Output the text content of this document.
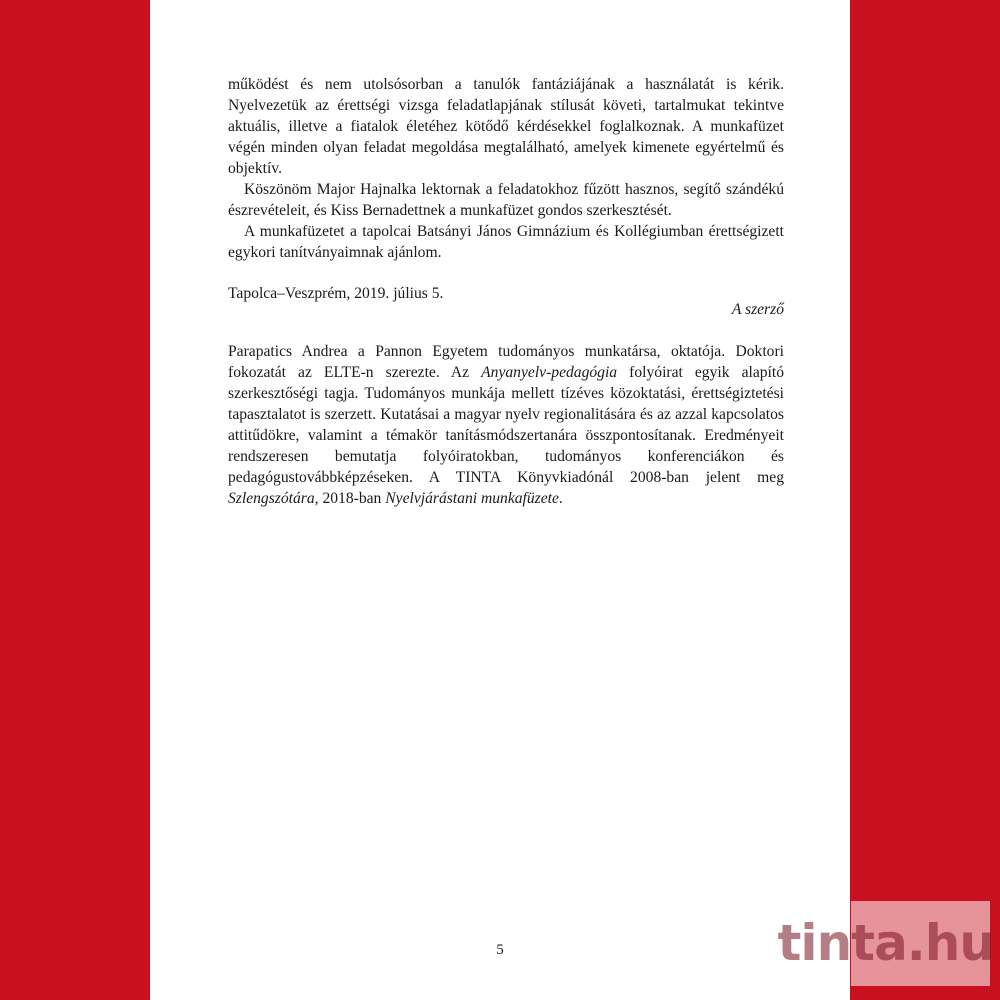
működést és nem utolsósorban a tanulók fantáziájának a használatát is kérik. Nyelvezetük az érettségi vizsga feladatlapjának stílusát követi, tartalmukat tekintve aktuális, illetve a fiatalok életéhez kötődő kérdésekkel foglalkoznak. A munkafüzet végén minden olyan feladat megoldása megtalálható, amelyek kimenete egyértelmű és objektív.

Köszönöm Major Hajnalka lektornak a feladatokhoz fűzött hasznos, segítő szándékú észrevételeit, és Kiss Bernadettnek a munkafüzet gondos szerkesztését.

A munkafüzetet a tapolcai Batsányi János Gimnázium és Kollégiumban érettségizett egykori tanítványaimnak ajánlom.

Tapolca–Veszprém, 2019. július 5.
A szerző

Parapatics Andrea a Pannon Egyetem tudományos munkatársa, oktatója. Doktori fokozatát az ELTE-n szerezte. Az Anyanyelv-pedagógia folyóirat egyik alapító szerkesztőségi tagja. Tudományos munkája mellett tízéves közoktatási, érettségiztetési tapasztalatot is szerzett. Kutatásai a magyar nyelv regionalitására és az azzal kapcsolatos attitűdökre, valamint a témakör tanításmódszertanára összpontosítanak. Eredményeit rendszeresen bemutatja folyóiratokban, tudományos konferenciákon és pedagógustovábbképzéseken. A TINTA Könyvkiadónál 2008-ban jelent meg Szlengszótára, 2018-ban Nyelvjárástani munkafüzete.

5	tinta.hu
